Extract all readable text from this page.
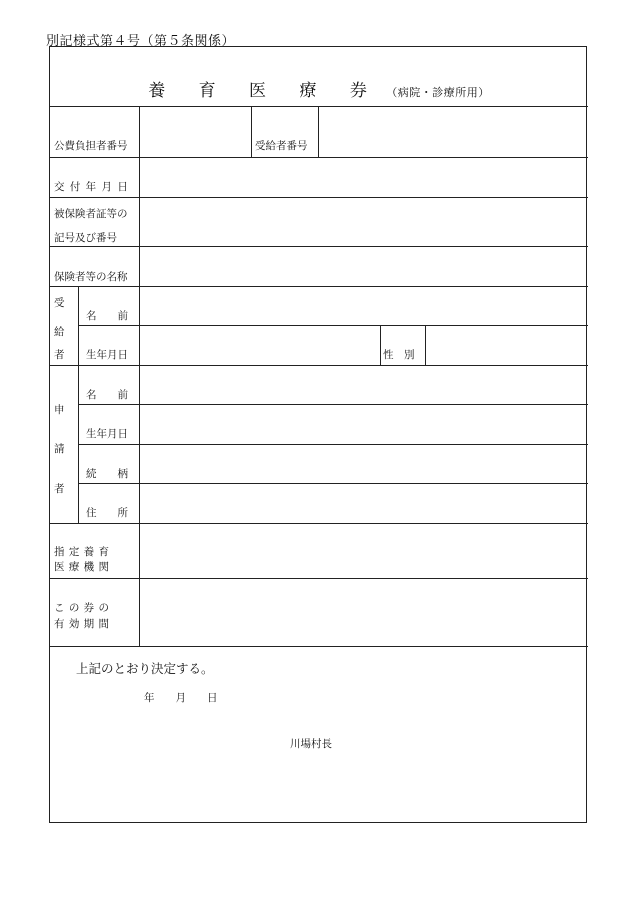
別記様式第４号（第５条関係）
養 育 医 療 券 （病院・診療所用）
公費負担者番号	受給者番号
交 付 年 月 日
被保険者証等の
記号及び番号
保険者等の名称
受
給
者
名　　前
生年月日	性　別
申
請
者
名　　前
生年月日
続　　柄
住　　所
指 定 養 育
医 療 機 関
こ の 券 の
有 効 期 間
上記のとおり決定する。
年　　月　　日
川場村長
